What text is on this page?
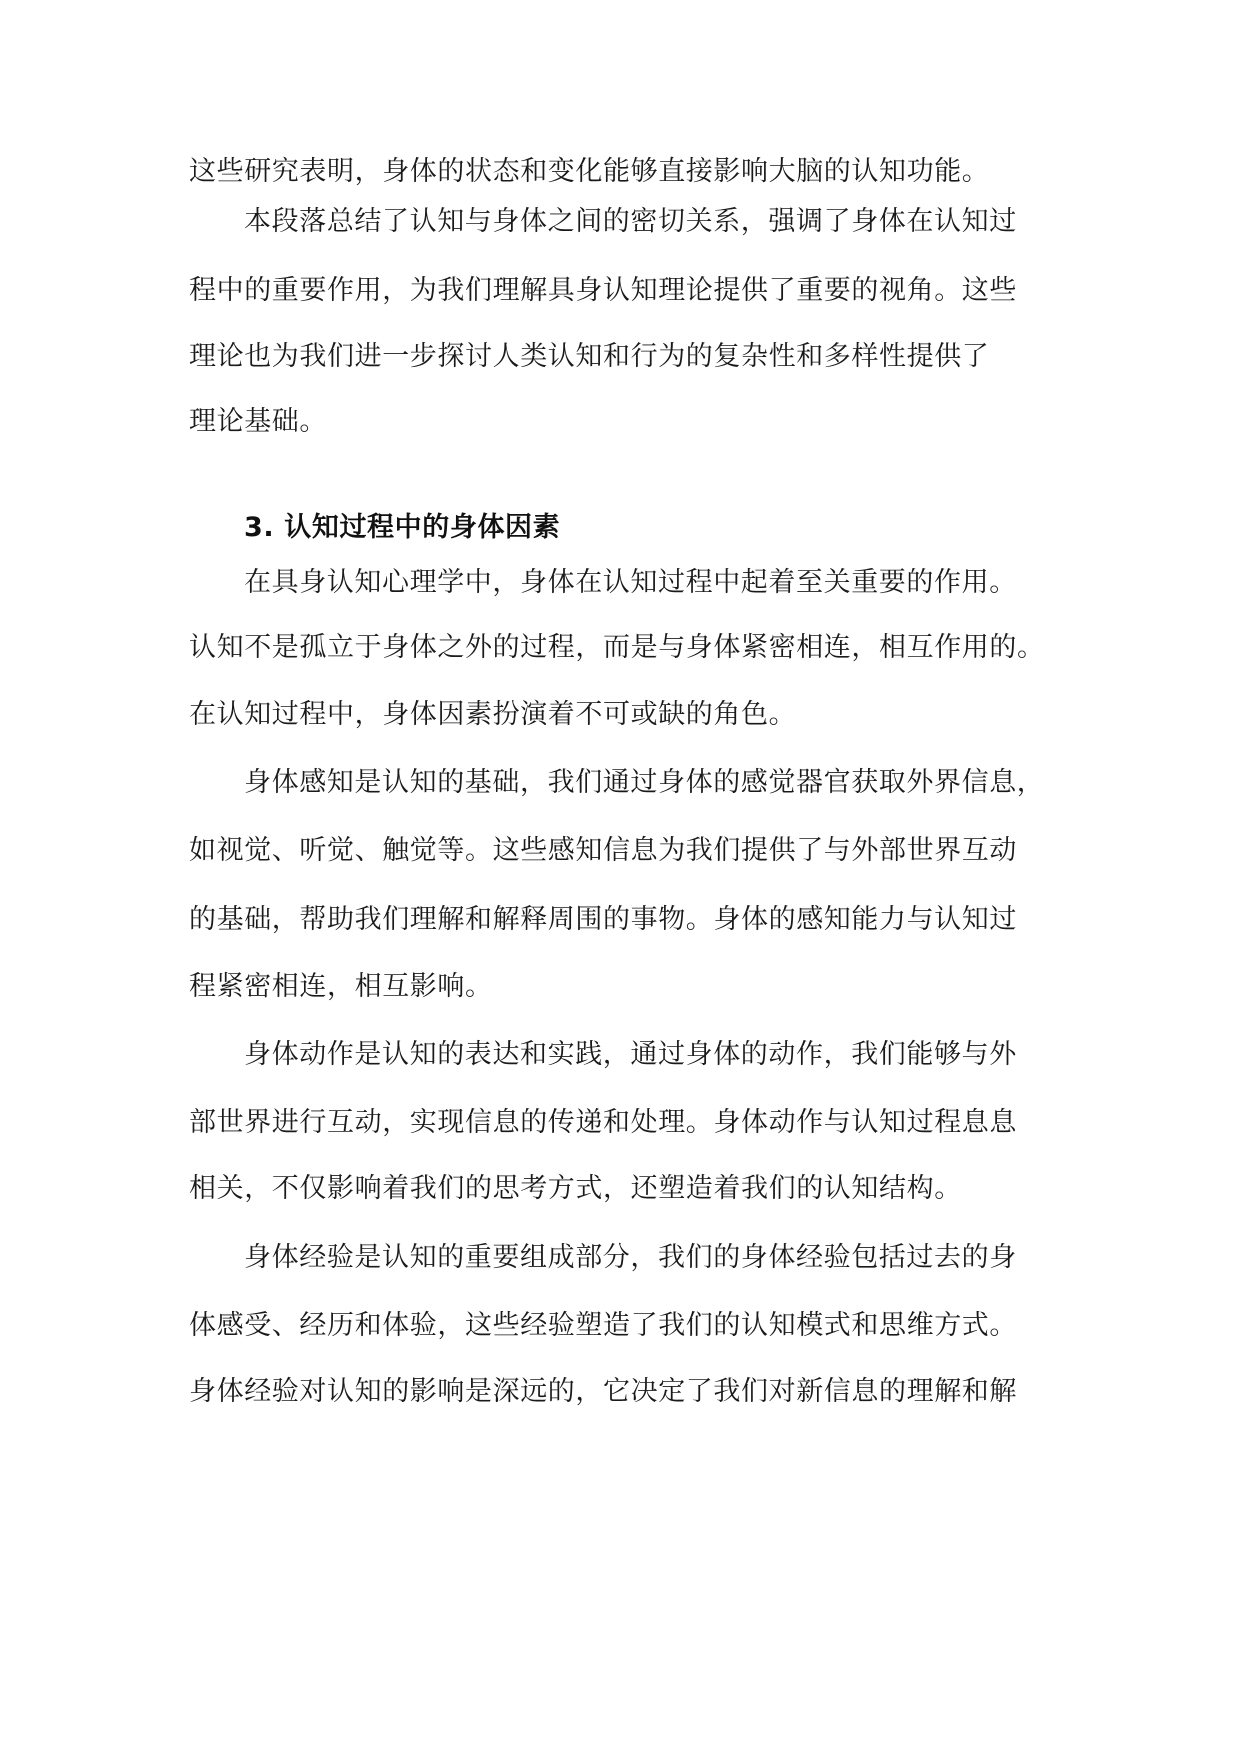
这些研究表明，身体的状态和变化能够直接影响大脑的认知功能。

本段落总结了认知与身体之间的密切关系，强调了身体在认知过

程中的重要作用，为我们理解具身认知理论提供了重要的视角。这些

理论也为我们进一步探讨人类认知和行为的复杂性和多样性提供了

理论基础。

3. 认知过程中的身体因素

在具身认知心理学中，身体在认知过程中起着至关重要的作用。

认知不是孤立于身体之外的过程，而是与身体紧密相连，相互作用的。

在认知过程中，身体因素扮演着不可或缺的角色。

身体感知是认知的基础，我们通过身体的感觉器官获取外界信息，

如视觉、听觉、触觉等。这些感知信息为我们提供了与外部世界互动

的基础，帮助我们理解和解释周围的事物。身体的感知能力与认知过

程紧密相连，相互影响。

身体动作是认知的表达和实践，通过身体的动作，我们能够与外

部世界进行互动，实现信息的传递和处理。身体动作与认知过程息息

相关，不仅影响着我们的思考方式，还塑造着我们的认知结构。

身体经验是认知的重要组成部分，我们的身体经验包括过去的身

体感受、经历和体验，这些经验塑造了我们的认知模式和思维方式。

身体经验对认知的影响是深远的，它决定了我们对新信息的理解和解
